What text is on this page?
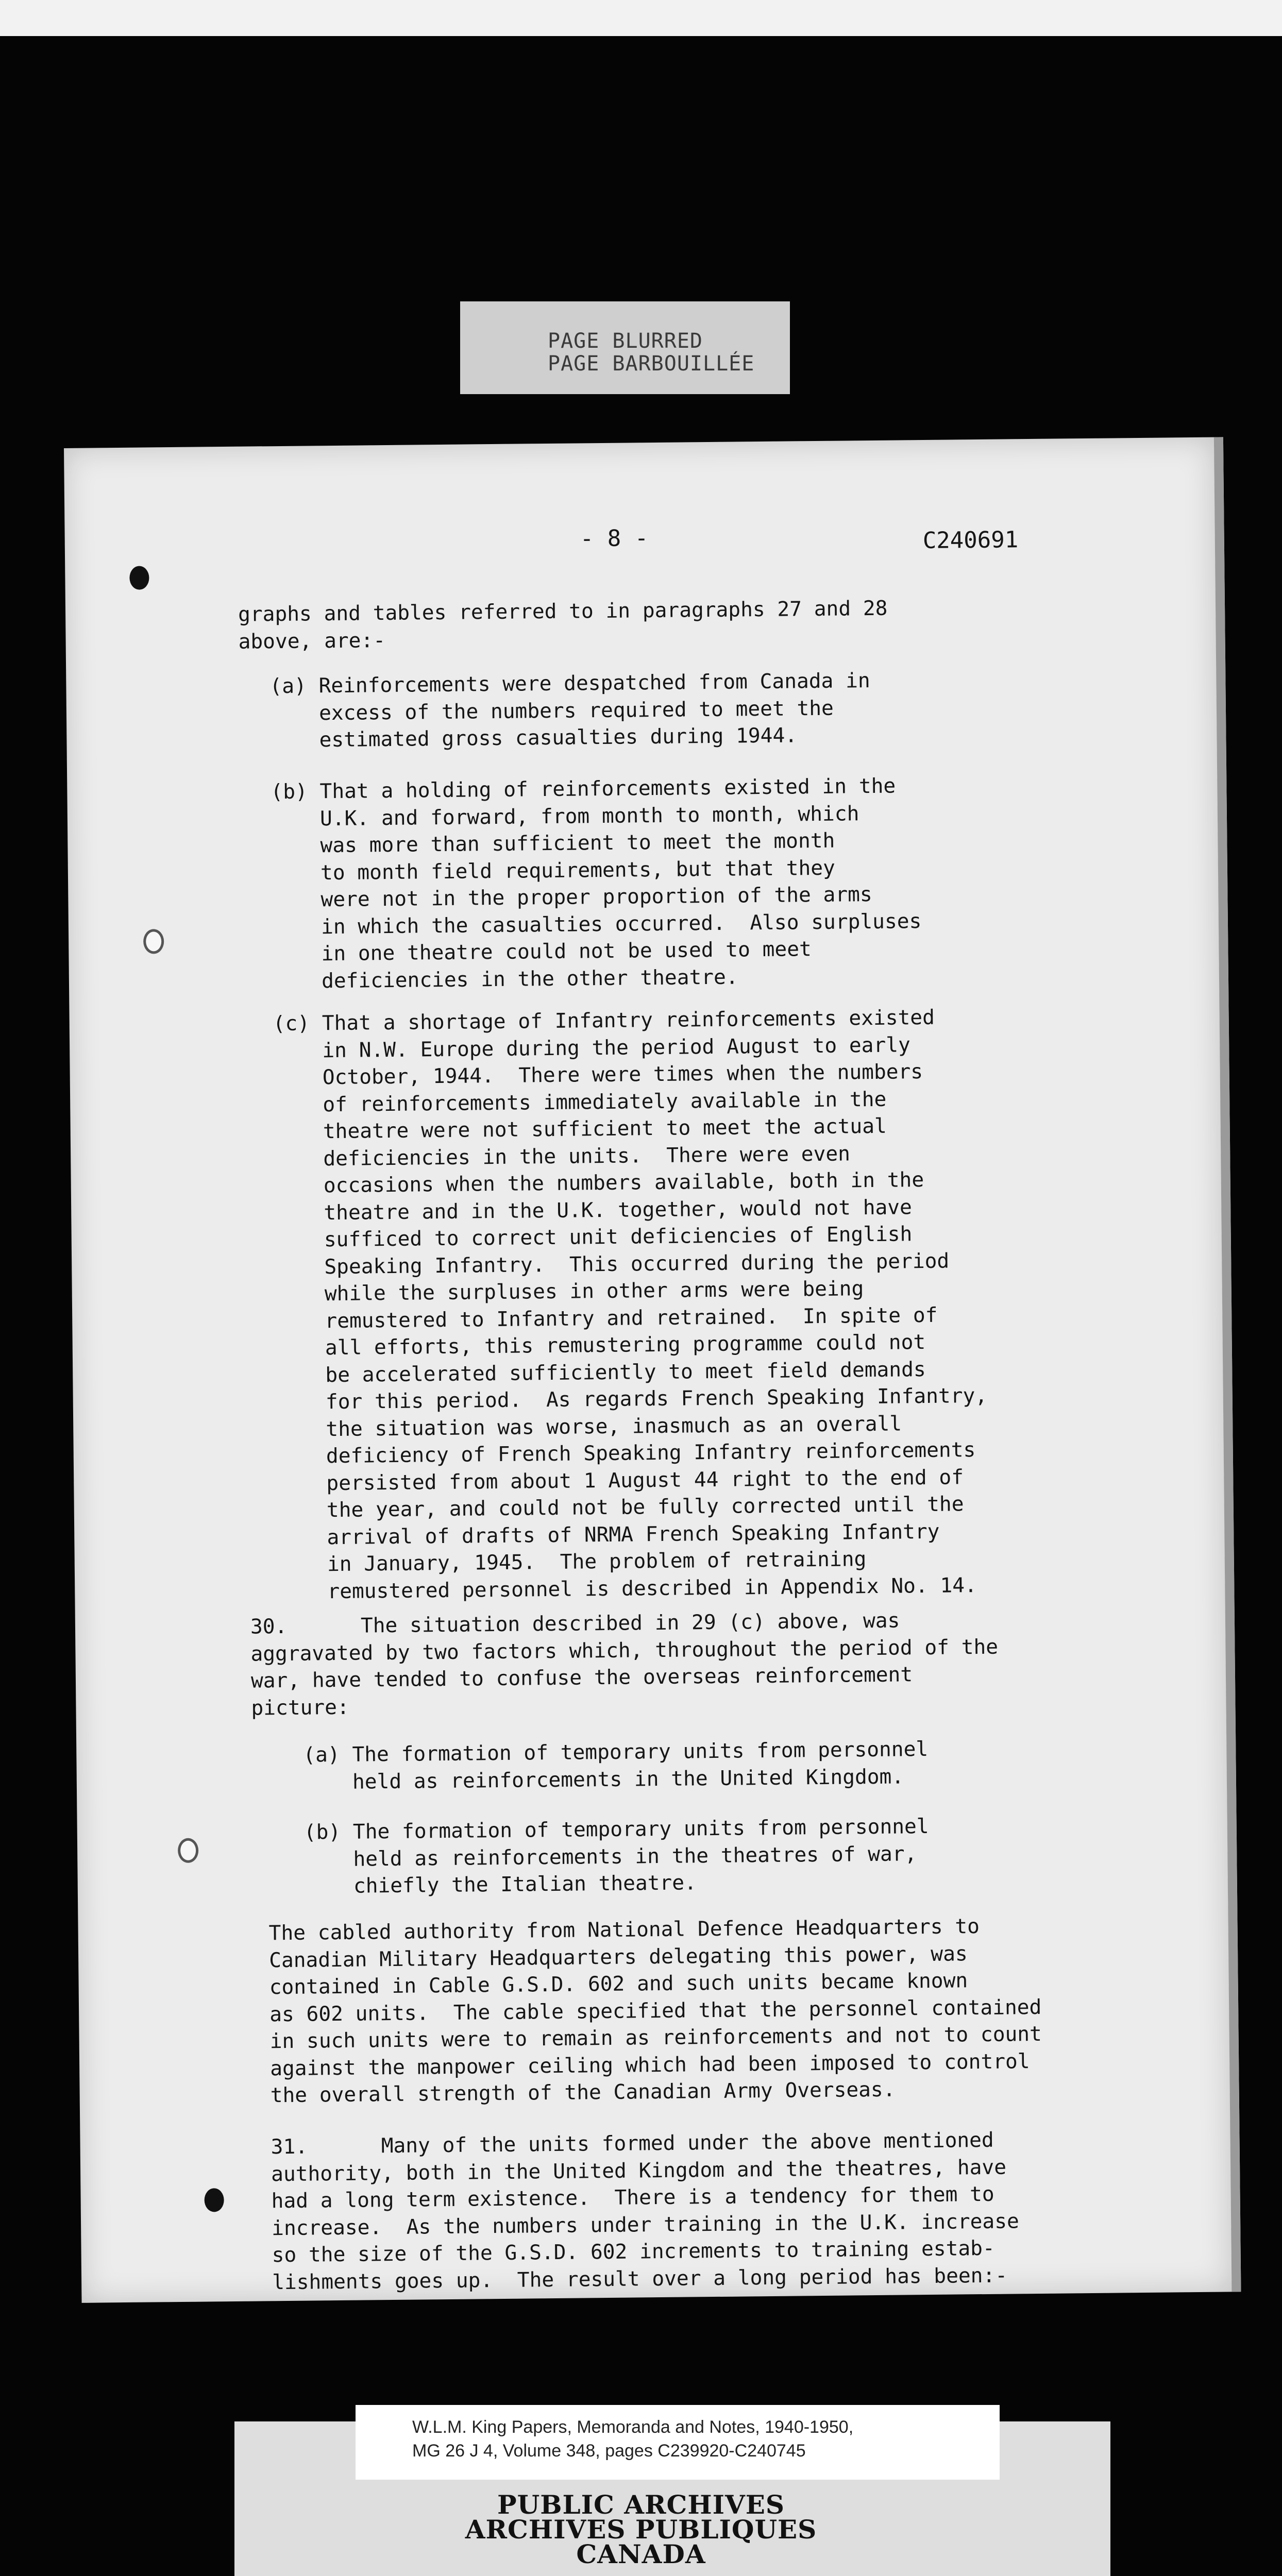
PAGE BLURRED
PAGE BARBOUILLÉE
- 8 -	C240691
graphs and tables referred to in paragraphs 27 and 28
above, are:-
(a) Reinforcements were despatched from Canada in
excess of the numbers required to meet the
estimated gross casualties during 1944.
(b) That a holding of reinforcements existed in the
U.K. and forward, from month to month, which
was more than sufficient to meet the month
to month field requirements, but that they
were not in the proper proportion of the arms
in which the casualties occurred.  Also surpluses
in one theatre could not be used to meet
deficiencies in the other theatre.
(c) That a shortage of Infantry reinforcements existed
in N.W. Europe during the period August to early
October, 1944.  There were times when the numbers
of reinforcements immediately available in the
theatre were not sufficient to meet the actual
deficiencies in the units.  There were even
occasions when the numbers available, both in the
theatre and in the U.K. together, would not have
sufficed to correct unit deficiencies of English
Speaking Infantry.  This occurred during the period
while the surpluses in other arms were being
remustered to Infantry and retrained.  In spite of
all efforts, this remustering programme could not
be accelerated sufficiently to meet field demands
for this period.  As regards French Speaking Infantry,
the situation was worse, inasmuch as an overall
deficiency of French Speaking Infantry reinforcements
persisted from about 1 August 44 right to the end of
the year, and could not be fully corrected until the
arrival of drafts of NRMA French Speaking Infantry
in January, 1945.  The problem of retraining
remustered personnel is described in Appendix No. 14.
30.      The situation described in 29 (c) above, was
aggravated by two factors which, throughout the period of the
war, have tended to confuse the overseas reinforcement
picture:
(a) The formation of temporary units from personnel
held as reinforcements in the United Kingdom.
(b) The formation of temporary units from personnel
held as reinforcements in the theatres of war,
chiefly the Italian theatre.
The cabled authority from National Defence Headquarters to
Canadian Military Headquarters delegating this power, was
contained in Cable G.S.D. 602 and such units became known
as 602 units.  The cable specified that the personnel contained
in such units were to remain as reinforcements and not to count
against the manpower ceiling which had been imposed to control
the overall strength of the Canadian Army Overseas.
31.      Many of the units formed under the above mentioned
authority, both in the United Kingdom and the theatres, have
had a long term existence.  There is a tendency for them to
increase.  As the numbers under training in the U.K. increase
so the size of the G.S.D. 602 increments to training estab-
lishments goes up.  The result over a long period has been:-
W.L.M. King Papers, Memoranda and Notes, 1940-1950,
MG 26 J 4, Volume 348, pages C239920-C240745
PUBLIC ARCHIVES
ARCHIVES PUBLIQUES
CANADA
